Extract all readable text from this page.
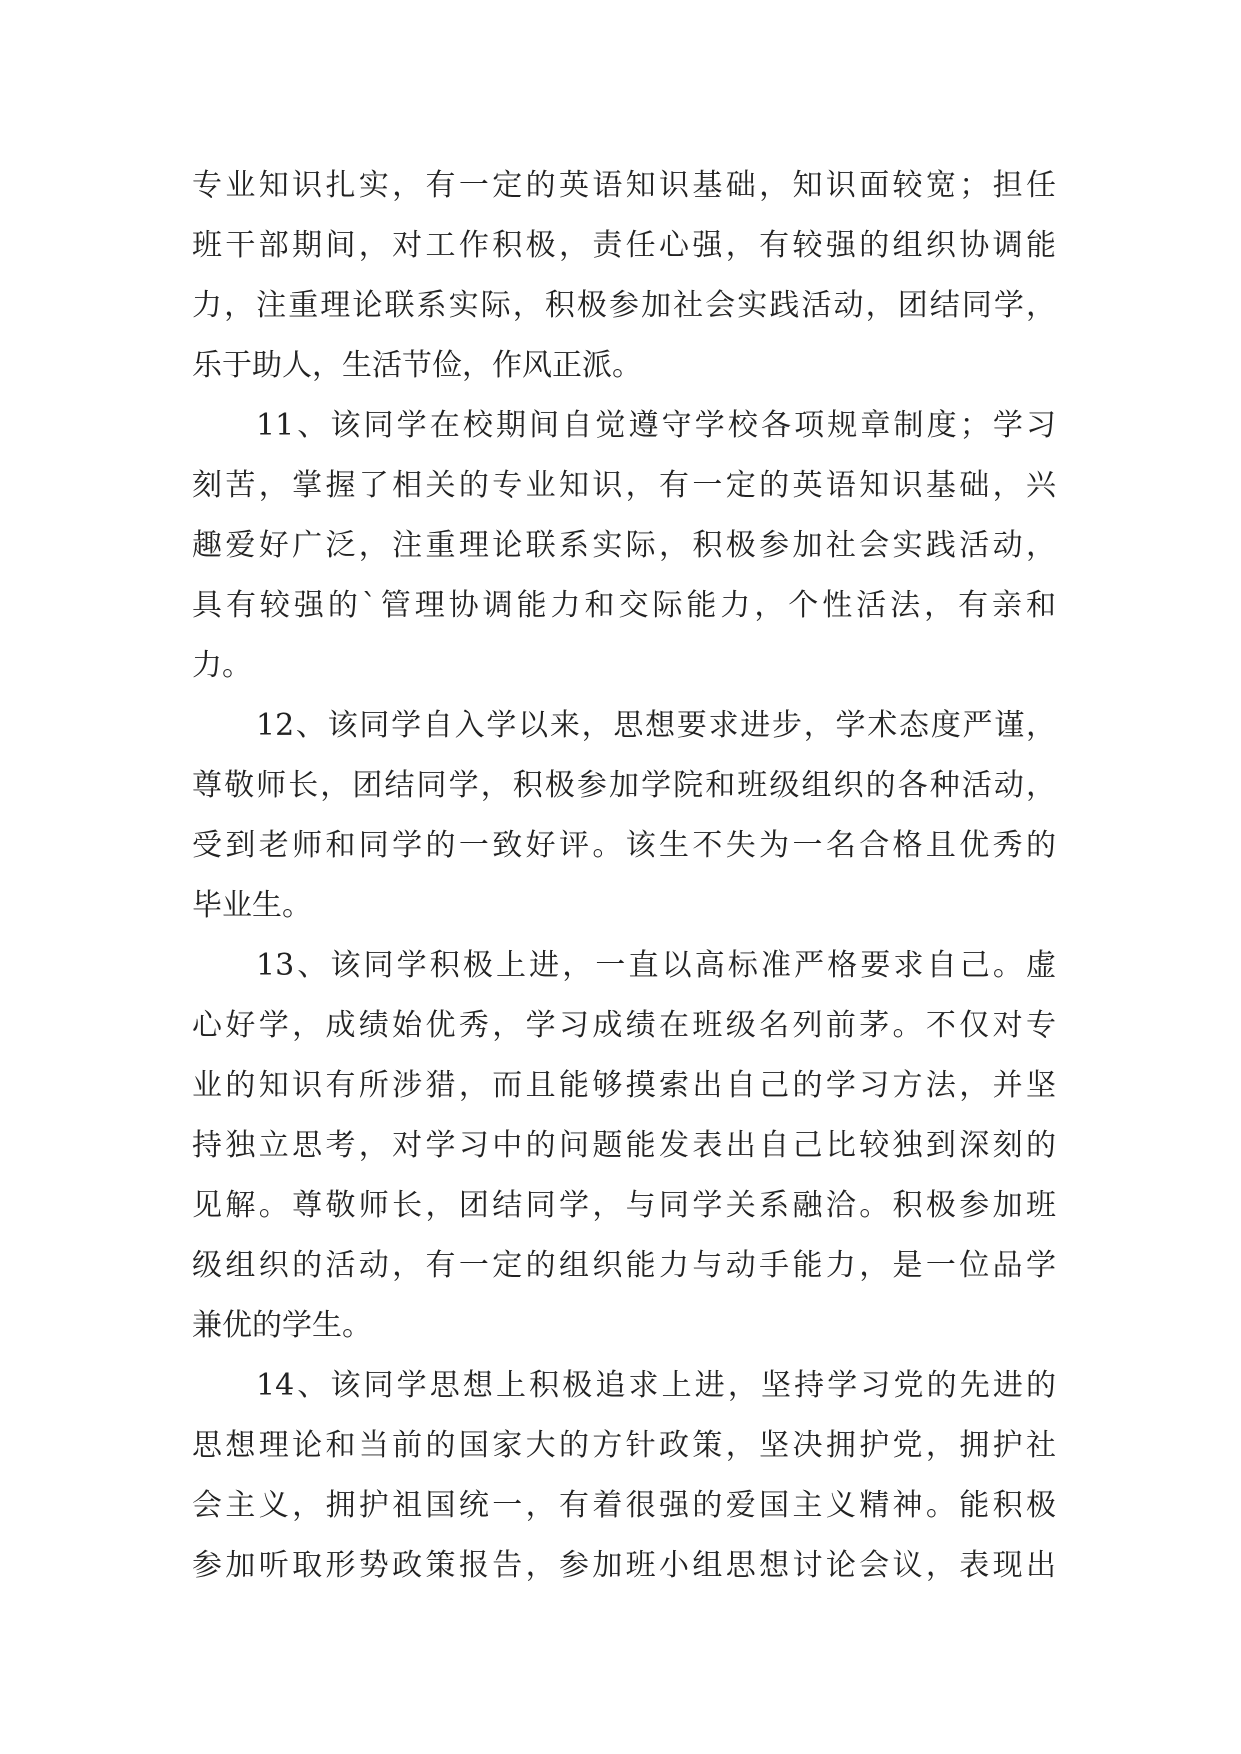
专业知识扎实，有一定的英语知识基础，知识面较宽；担任
班干部期间，对工作积极，责任心强，有较强的组织协调能
力，注重理论联系实际，积极参加社会实践活动，团结同学，
乐于助人，生活节俭，作风正派。
11、该同学在校期间自觉遵守学校各项规章制度；学习
刻苦，掌握了相关的专业知识，有一定的英语知识基础，兴
趣爱好广泛，注重理论联系实际，积极参加社会实践活动，
具有较强的`管理协调能力和交际能力，个性活法，有亲和
力。
12、该同学自入学以来，思想要求进步，学术态度严谨，
尊敬师长，团结同学，积极参加学院和班级组织的各种活动，
受到老师和同学的一致好评。该生不失为一名合格且优秀的
毕业生。
13、该同学积极上进，一直以高标准严格要求自己。虚
心好学，成绩始优秀，学习成绩在班级名列前茅。不仅对专
业的知识有所涉猎，而且能够摸索出自己的学习方法，并坚
持独立思考，对学习中的问题能发表出自己比较独到深刻的
见解。尊敬师长，团结同学，与同学关系融洽。积极参加班
级组织的活动，有一定的组织能力与动手能力，是一位品学
兼优的学生。
14、该同学思想上积极追求上进，坚持学习党的先进的
思想理论和当前的国家大的方针政策，坚决拥护党，拥护社
会主义，拥护祖国统一，有着很强的爱国主义精神。能积极
参加听取形势政策报告，参加班小组思想讨论会议，表现出
